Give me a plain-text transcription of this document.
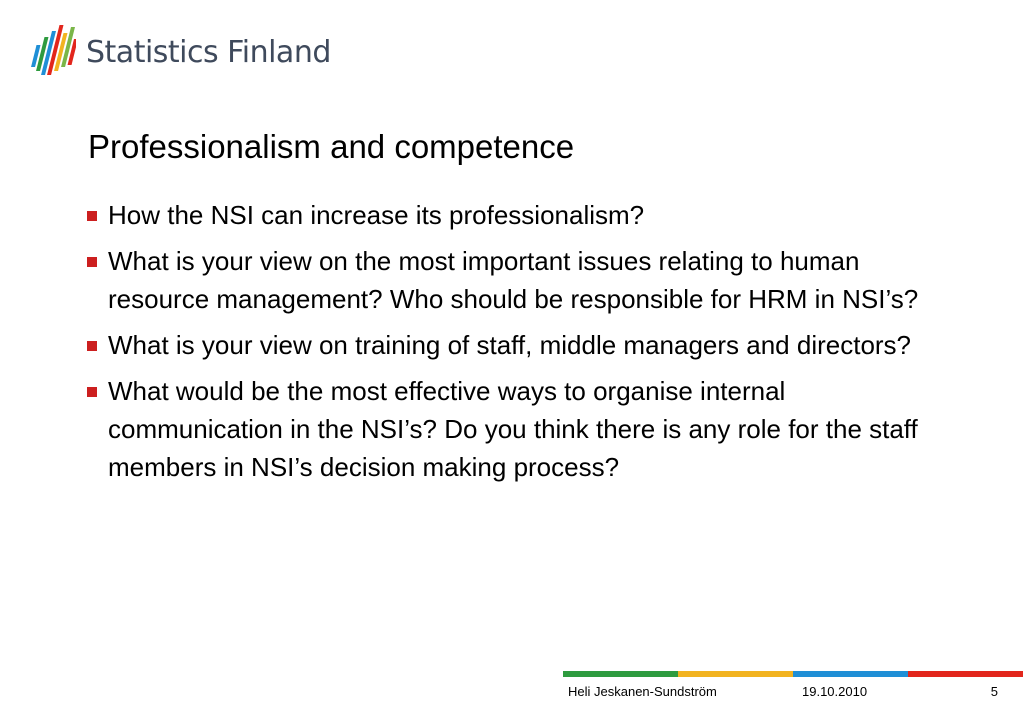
Statistics Finland
Professionalism and competence
How the NSI can increase its professionalism?
What is your view on the most important issues relating to human resource management? Who should be responsible for HRM in NSI’s?
What is your view on training of staff, middle managers and directors?
What would be the most effective ways to organise internal communication in the NSI’s? Do you think there is any role for the staff members in NSI’s decision making process?
Heli Jeskanen-Sundström	19.10.2010	5
